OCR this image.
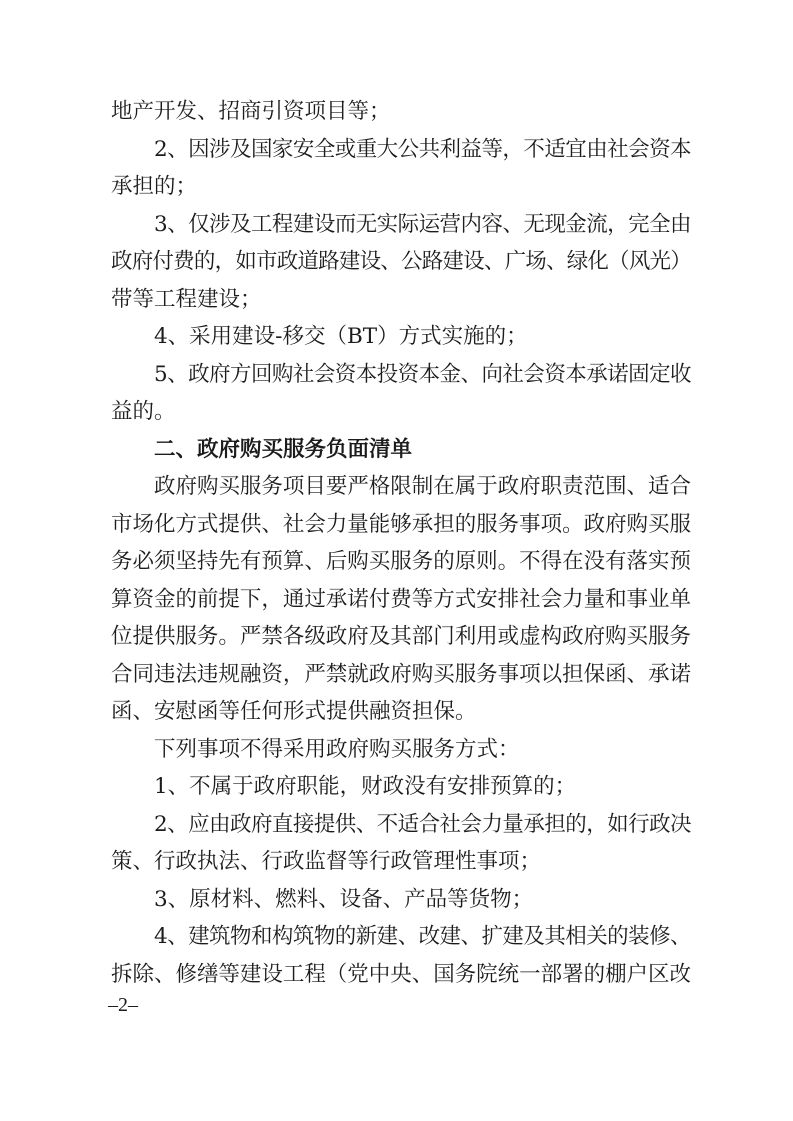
地产开发、招商引资项目等；
2、因涉及国家安全或重大公共利益等，不适宜由社会资本
承担的；
3、仅涉及工程建设而无实际运营内容、无现金流，完全由
政府付费的，如市政道路建设、公路建设、广场、绿化（风光）
带等工程建设；
4、采用建设-移交（BT）方式实施的；
5、政府方回购社会资本投资本金、向社会资本承诺固定收
益的。
二、政府购买服务负面清单
政府购买服务项目要严格限制在属于政府职责范围、适合
市场化方式提供、社会力量能够承担的服务事项。政府购买服
务必须坚持先有预算、后购买服务的原则。不得在没有落实预
算资金的前提下，通过承诺付费等方式安排社会力量和事业单
位提供服务。严禁各级政府及其部门利用或虚构政府购买服务
合同违法违规融资，严禁就政府购买服务事项以担保函、承诺
函、安慰函等任何形式提供融资担保。
下列事项不得采用政府购买服务方式：
1、不属于政府职能，财政没有安排预算的；
2、应由政府直接提供、不适合社会力量承担的，如行政决
策、行政执法、行政监督等行政管理性事项；
3、原材料、燃料、设备、产品等货物；
4、建筑物和构筑物的新建、改建、扩建及其相关的装修、
拆除、修缮等建设工程（党中央、国务院统一部署的棚户区改
–2–
